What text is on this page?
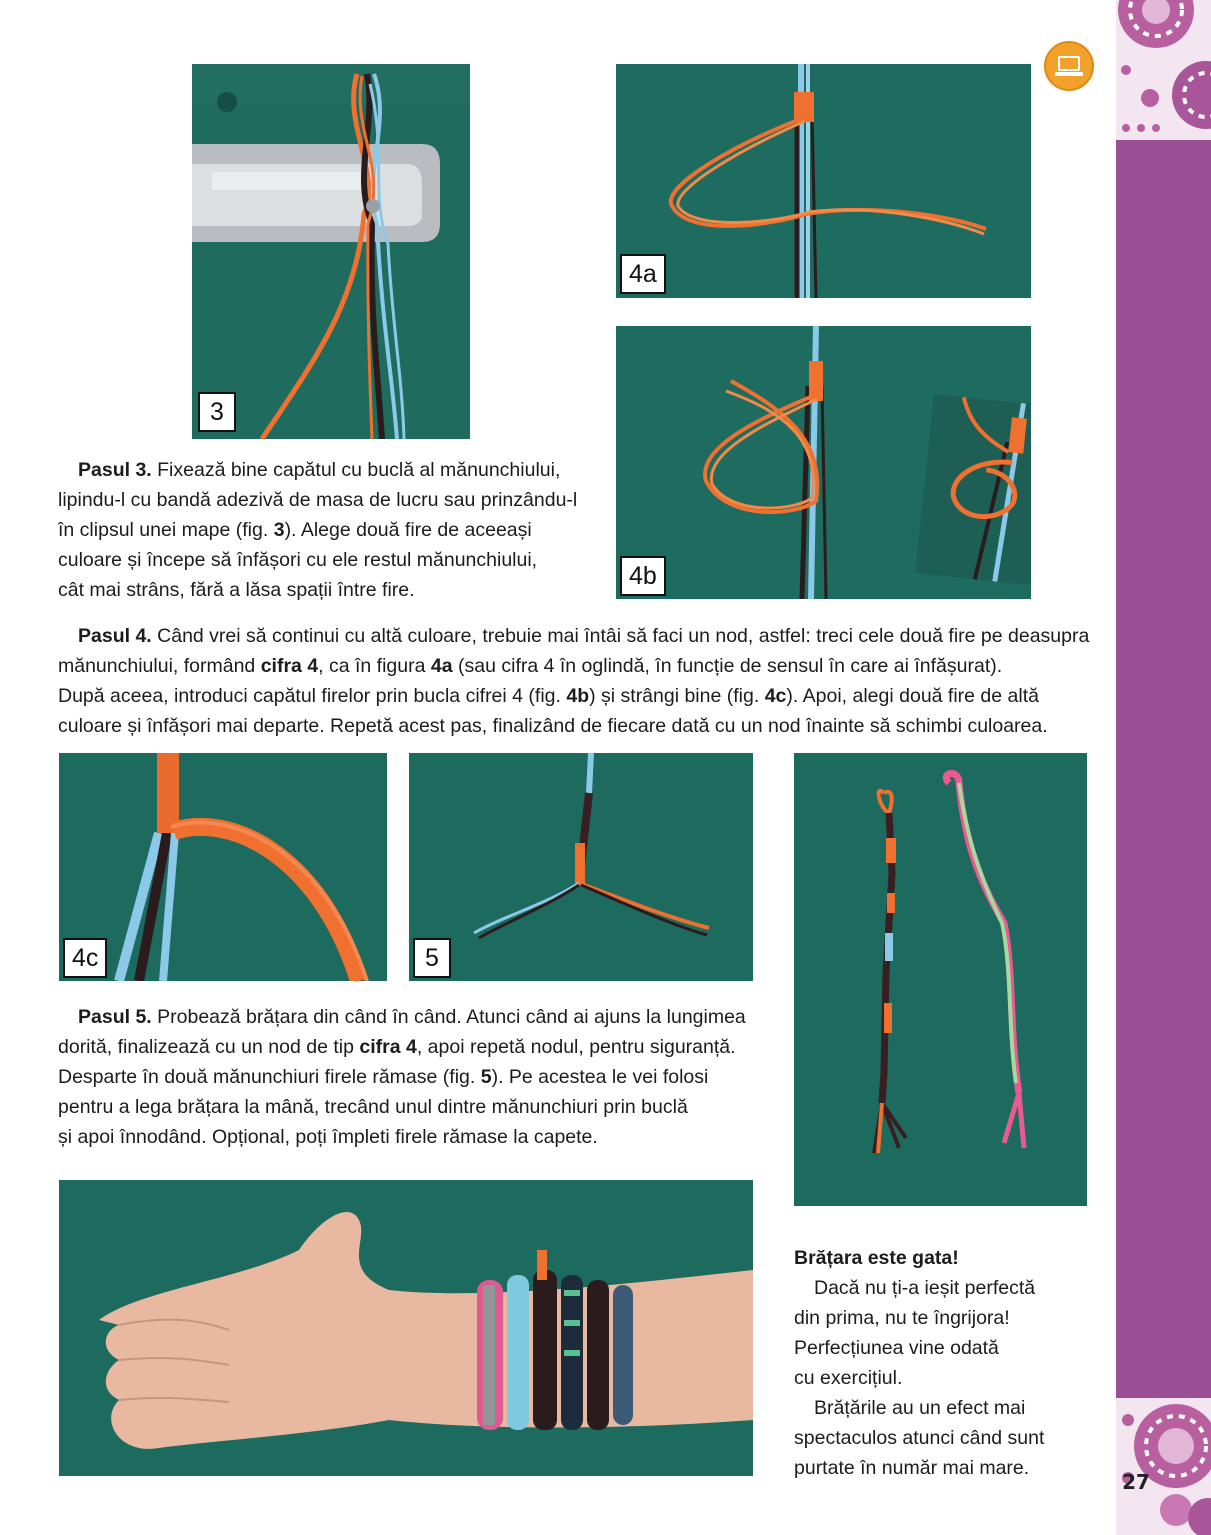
27
3
4a
4b

Pasul 3. Fixează bine capătul cu buclă al mănunchiului,
lipindu-l cu bandă adezivă de masa de lucru sau prinzându-l
în clipsul unei mape (fig. 3). Alege două fire de aceeași
culoare și începe să înfășori cu ele restul mănunchiului,
cât mai strâns, fără a lăsa spații între fire.

Pasul 4. Când vrei să continui cu altă culoare, trebuie mai întâi să faci un nod, astfel: treci cele două fire pe deasupra
mănunchiului, formând cifra 4, ca în figura 4a (sau cifra 4 în oglindă, în funcție de sensul în care ai înfășurat).
După aceea, introduci capătul firelor prin bucla cifrei 4 (fig. 4b) și strângi bine (fig. 4c). Apoi, alegi două fire de altă
culoare și înfășori mai departe. Repetă acest pas, finalizând de fiecare dată cu un nod înainte să schimbi culoarea.

4c	5

Pasul 5. Probează brățara din când în când. Atunci când ai ajuns la lungimea
dorită, finalizează cu un nod de tip cifra 4, apoi repetă nodul, pentru siguranță.
Desparte în două mănunchiuri firele rămase (fig. 5). Pe acestea le vei folosi
pentru a lega brățara la mână, trecând unul dintre mănunchiuri prin buclă
și apoi înnodând. Opțional, poți împleti firele rămase la capete.

Brățara este gata!
Dacă nu ți-a ieșit perfectă
din prima, nu te îngrijora!
Perfecțiunea vine odată
cu exercițiul.
Brățările au un efect mai
spectaculos atunci când sunt
purtate în număr mai mare.
